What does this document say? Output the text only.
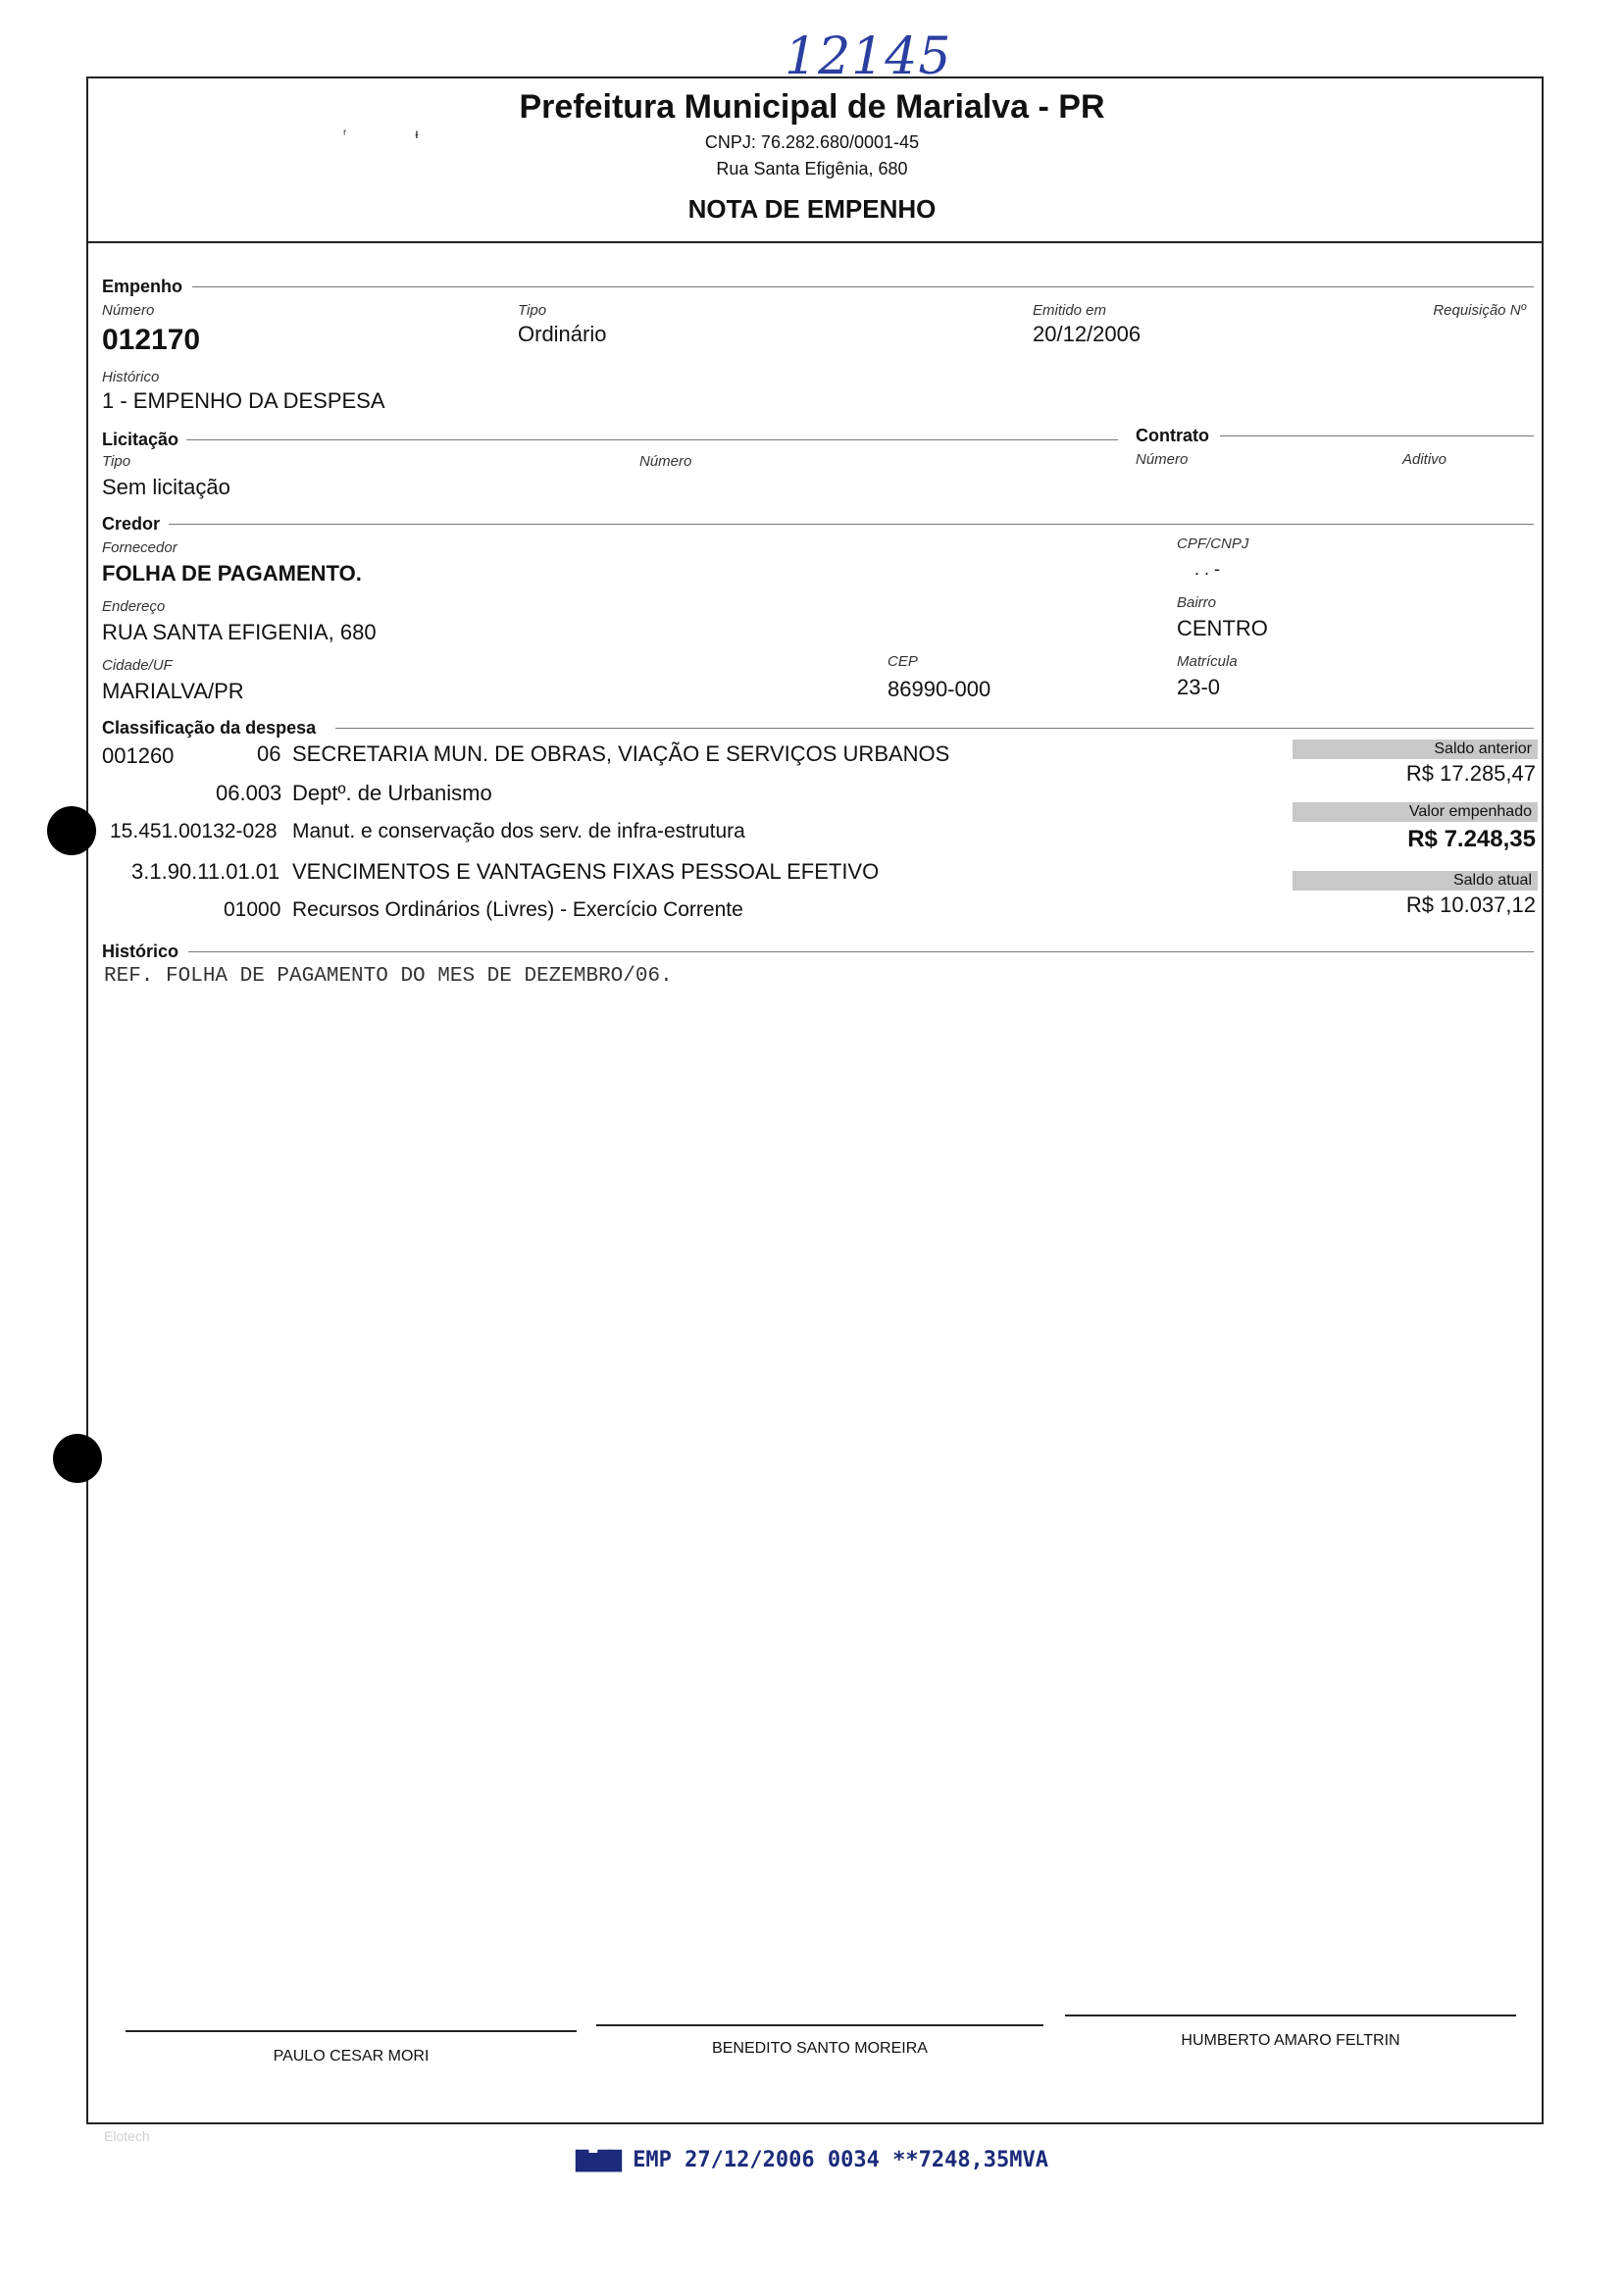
12145
ʳ                  ᵻ
Prefeitura Municipal de Marialva - PR
CNPJ: 76.282.680/0001-45
Rua Santa Efigênia, 680
NOTA DE EMPENHO
Empenho
Número
012170
Tipo
Ordinário
Emitido em
20/12/2006
Requisição Nº
Histórico
1 - EMPENHO DA DESPESA
Licitação	Contrato
Tipo
Sem licitação
Número	Número	Aditivo
Credor
Fornecedor
FOLHA DE PAGAMENTO.
CPF/CNPJ
. . -
Endereço
RUA SANTA EFIGENIA, 680
Bairro
CENTRO
Cidade/UF
MARIALVA/PR
CEP
86990-000
Matrícula
23-0
Classificação da despesa
001260	06 SECRETARIA MUN. DE OBRAS, VIAÇÃO E SERVIÇOS URBANOS
06.003 Deptº. de Urbanismo
15.451.00132-028 Manut. e conservação dos serv. de infra-estrutura
3.1.90.11.01.01 VENCIMENTOS E VANTAGENS FIXAS PESSOAL EFETIVO
01000 Recursos Ordinários (Livres) - Exercício Corrente
Saldo anterior
R$ 17.285,47
Valor empenhado
R$ 7.248,35
Saldo atual
R$ 10.037,12
Histórico
REF. FOLHA DE PAGAMENTO DO MES DE DEZEMBRO/06.
PAULO CESAR MORI	BENEDITO SANTO MOREIRA	HUMBERTO AMARO FELTRIN
Elotech
▇▆▇▇ EMP 27/12/2006 0034 **7248,35MVA
